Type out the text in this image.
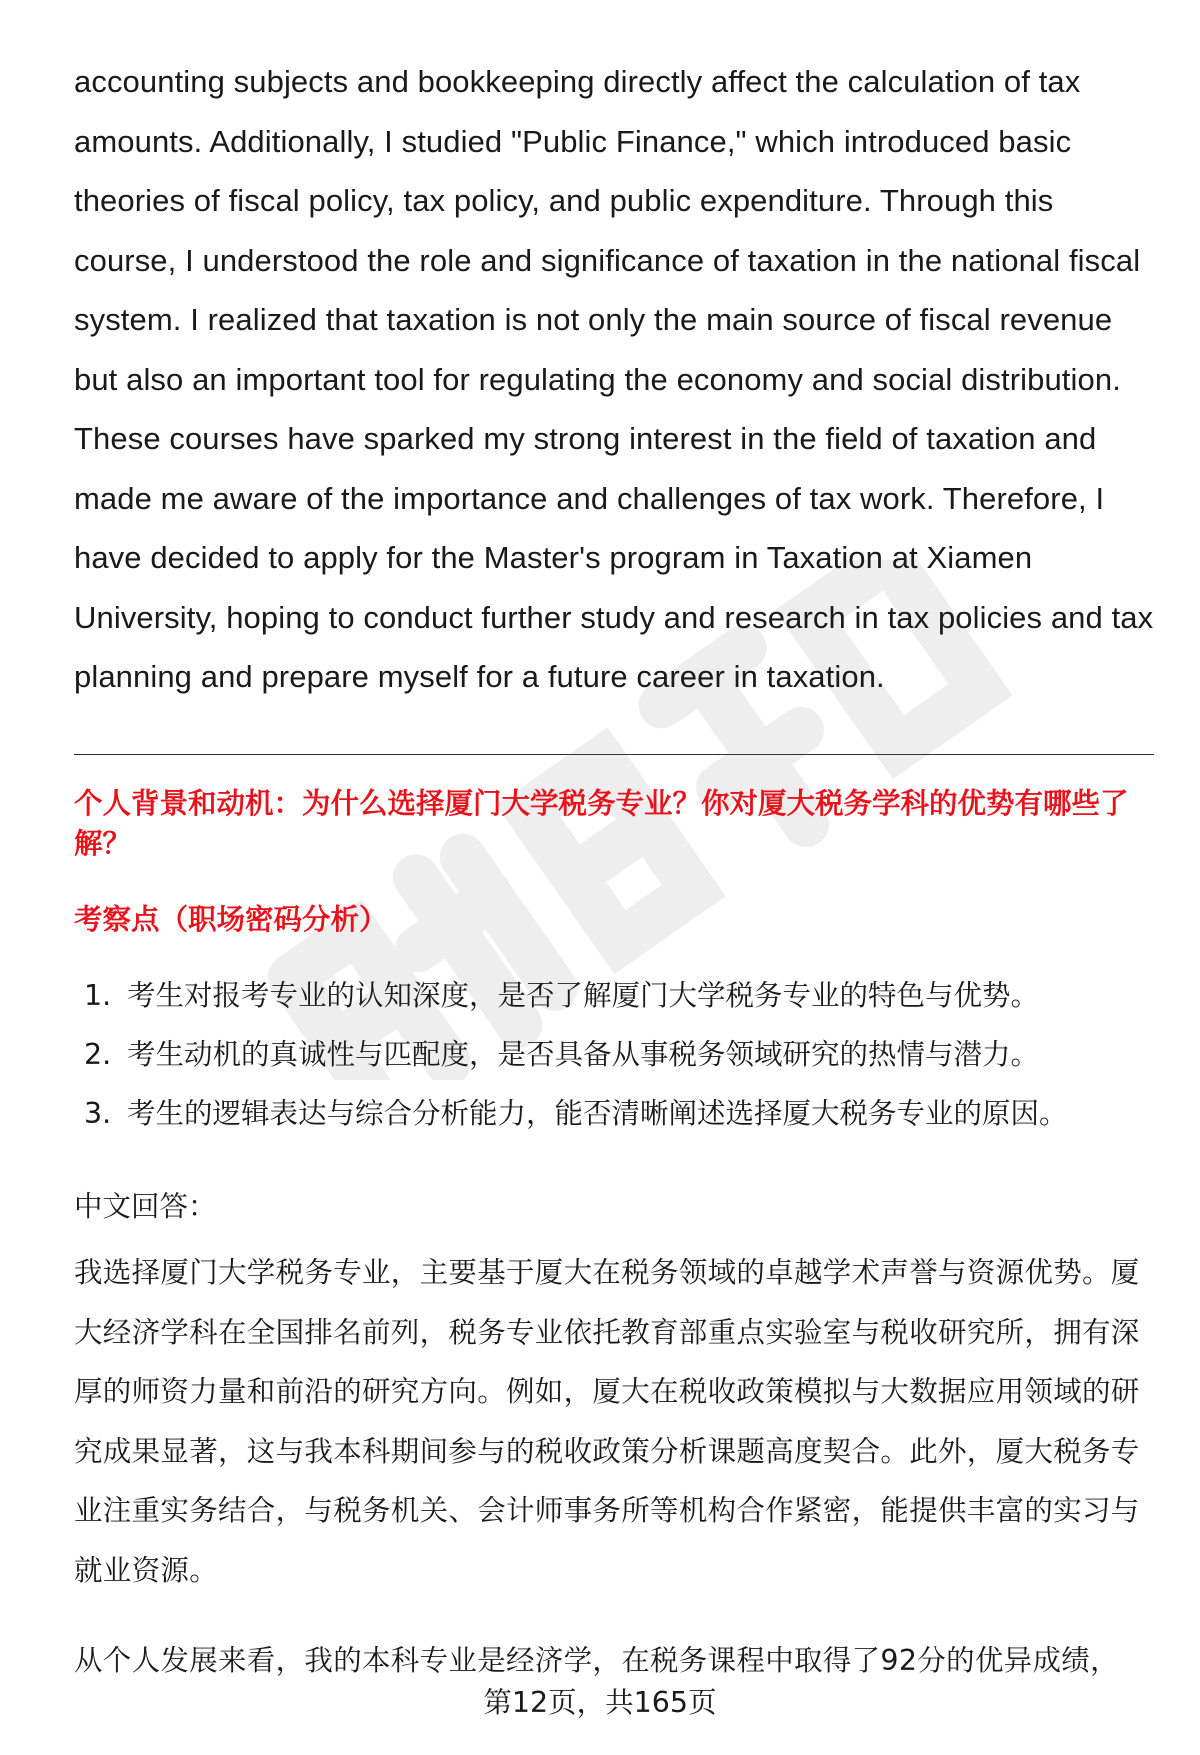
accounting subjects and bookkeeping directly affect the calculation of tax amounts. Additionally, I studied "Public Finance," which introduced basic theories of fiscal policy, tax policy, and public expenditure. Through this course, I understood the role and significance of taxation in the national fiscal system. I realized that taxation is not only the main source of fiscal revenue but also an important tool for regulating the economy and social distribution. These courses have sparked my strong interest in the field of taxation and made me aware of the importance and challenges of tax work. Therefore, I have decided to apply for the Master's program in Taxation at Xiamen University, hoping to conduct further study and research in tax policies and tax planning and prepare myself for a future career in taxation.

个人背景和动机：为什么选择厦门大学税务专业？你对厦大税务学科的优势有哪些了解？

考察点（职场密码分析）

1. 考生对报考专业的认知深度，是否了解厦门大学税务专业的特色与优势。
2. 考生动机的真诚性与匹配度，是否具备从事税务领域研究的热情与潜力。
3. 考生的逻辑表达与综合分析能力，能否清晰阐述选择厦大税务专业的原因。

中文回答：

我选择厦门大学税务专业，主要基于厦大在税务领域的卓越学术声誉与资源优势。厦大经济学科在全国排名前列，税务专业依托教育部重点实验室与税收研究所，拥有深厚的师资力量和前沿的研究方向。例如，厦大在税收政策模拟与大数据应用领域的研究成果显著，这与我本科期间参与的税收政策分析课题高度契合。此外，厦大税务专业注重实务结合，与税务机关、会计师事务所等机构合作紧密，能提供丰富的实习与就业资源。

从个人发展来看，我的本科专业是经济学，在税务课程中取得了92分的优异成绩，

第12页，共165页
